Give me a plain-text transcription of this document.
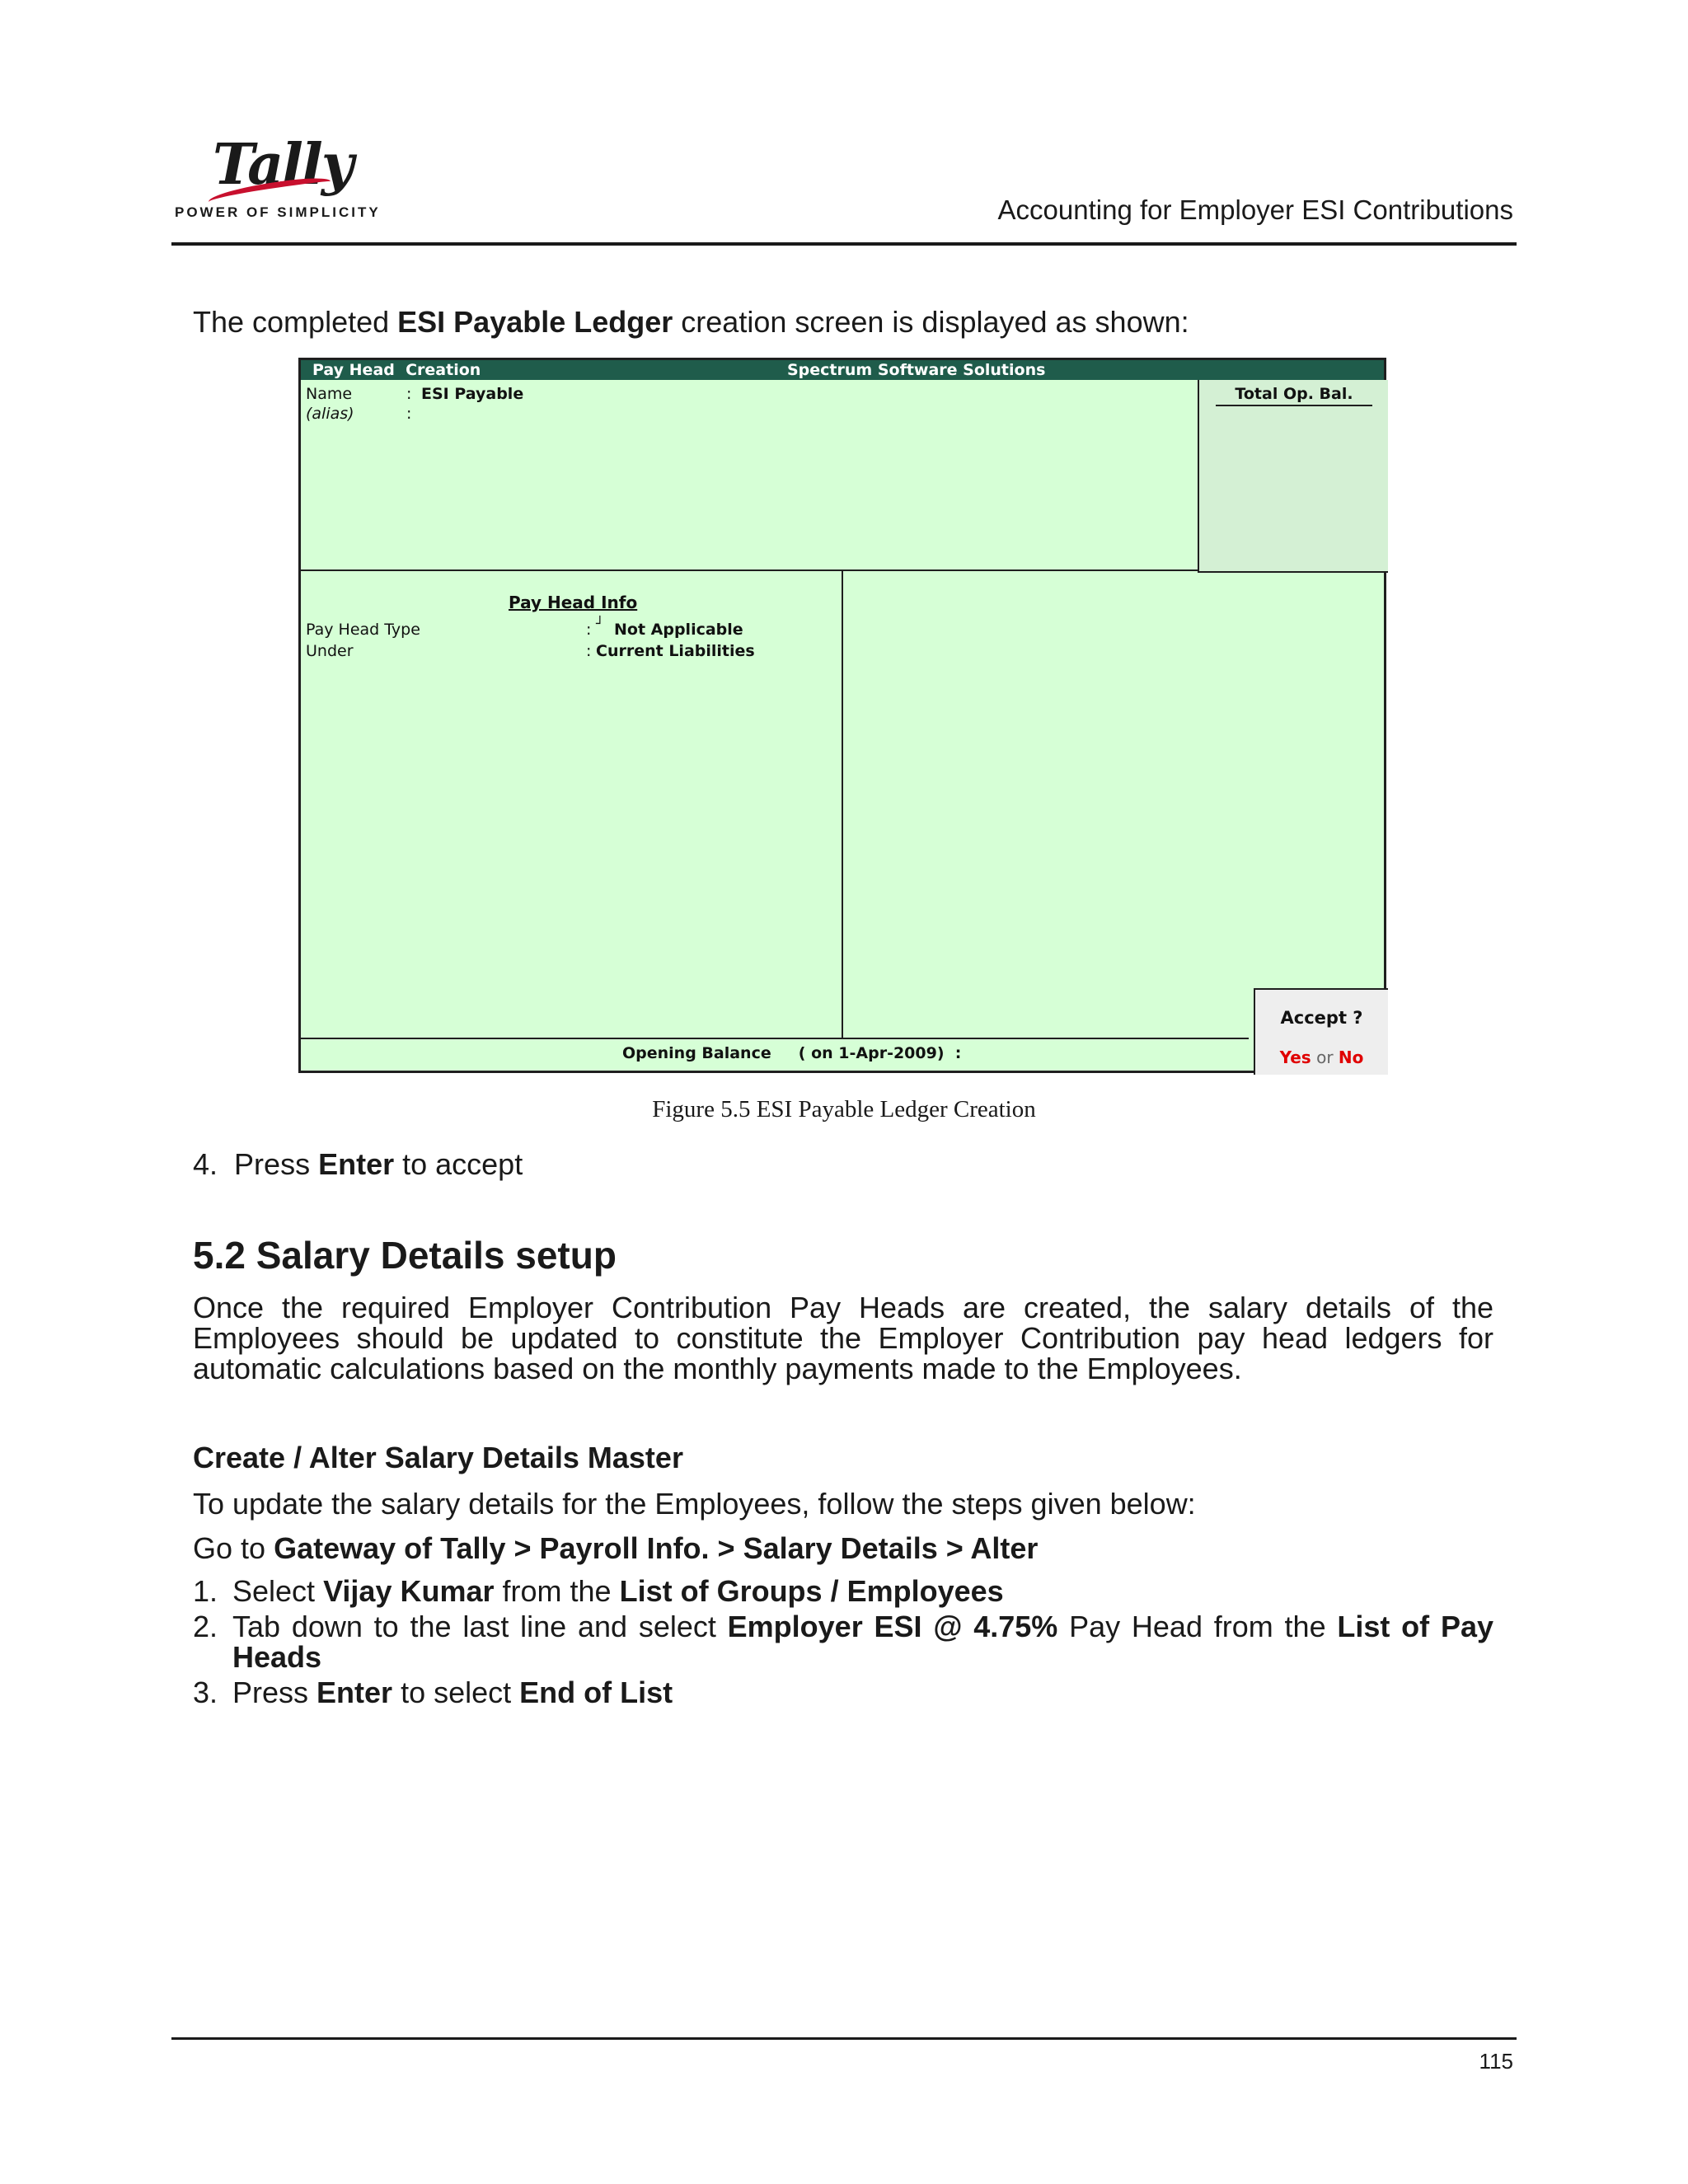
Tally
POWER OF SIMPLICITY	Accounting for Employer ESI Contributions
The completed ESI Payable Ledger creation screen is displayed as shown:
Pay Head  Creation	Spectrum Software Solutions
Name	: ESI Payable
(alias)	:
Total Op. Bal.
Pay Head Info
Pay Head Type	: ┘ Not Applicable
Under	: Current Liabilities
Opening Balance     ( on 1-Apr-2009)  :
Accept ?
Yes or No
Figure 5.5 ESI Payable Ledger Creation
4. Press Enter to accept
5.2 Salary Details setup
Once the required Employer Contribution Pay Heads are created, the salary details of the
Employees should be updated to constitute the Employer Contribution pay head ledgers for
automatic calculations based on the monthly payments made to the Employees.
Create / Alter Salary Details Master
To update the salary details for the Employees, follow the steps given below:
Go to Gateway of Tally > Payroll Info. > Salary Details > Alter
1. Select Vijay Kumar from the List of Groups / Employees
2. Tab down to the last line and select Employer ESI @ 4.75% Pay Head from the List of Pay
Heads
3. Press Enter to select End of List
115
